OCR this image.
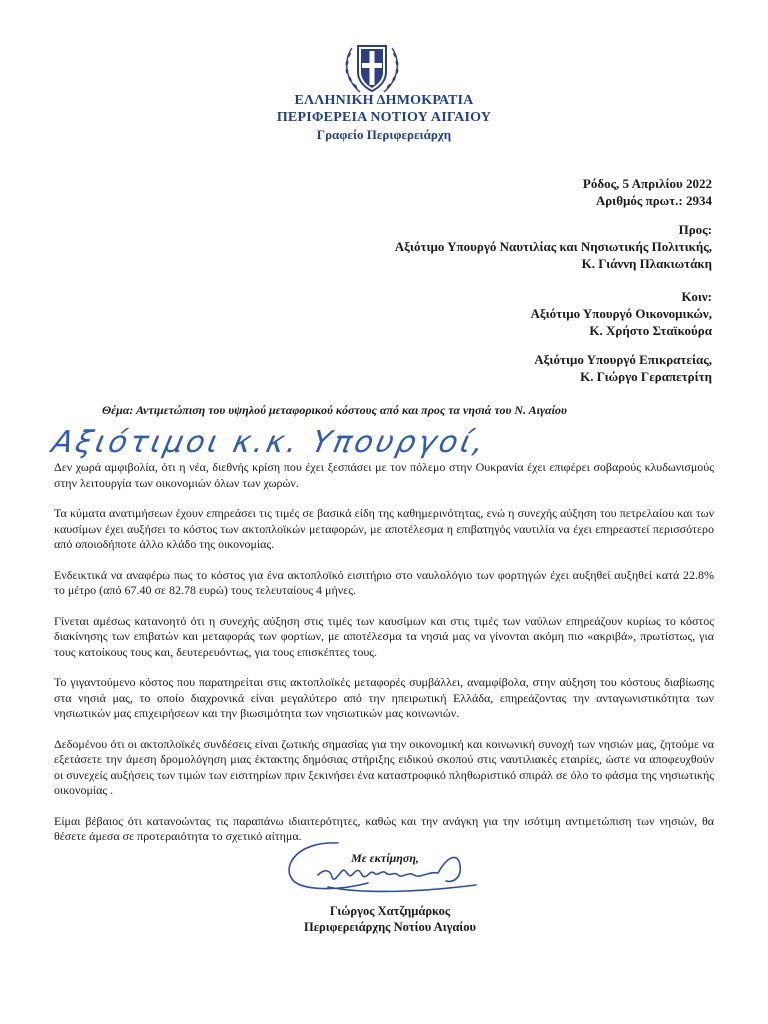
ΕΛΛΗΝΙΚΗ ΔΗΜΟΚΡΑΤΙΑ
ΠΕΡΙΦΕΡΕΙΑ ΝΟΤΙΟΥ ΑΙΓΑΙΟΥ
Γραφείο Περιφερειάρχη
Ρόδος, 5 Απριλίου 2022
Αριθμός πρωτ.: 2934
Προς:
Αξιότιμο Υπουργό Ναυτιλίας και Νησιωτικής Πολιτικής,
Κ. Γιάννη Πλακιωτάκη
Κοιν:
Αξιότιμο Υπουργό Οικονομικών,
Κ. Χρήστο Σταϊκούρα
Αξιότιμο Υπουργό Επικρατείας,
Κ. Γιώργο Γεραπετρίτη
Θέμα: Αντιμετώπιση του υψηλού μεταφορικού κόστους από και προς τα νησιά του Ν. Αιγαίου
Αξιότιμοι κ.κ. Υπουργοί,

Δεν χωρά αμφιβολία, ότι η νέα, διεθνής κρίση που έχει ξεσπάσει με τον πόλεμο στην Ουκρανία έχει επιφέρει σοβαρούς κλυδωνισμούς στην λειτουργία των οικονομιών όλων των χωρών.

Τα κύματα ανατιμήσεων έχουν επηρεάσει τις τιμές σε βασικά είδη της καθημερινότητας, ενώ η συνεχής αύξηση του πετρελαίου και των καυσίμων έχει αυξήσει το κόστος των ακτοπλοϊκών μεταφορών, με αποτέλεσμα η επιβατηγός ναυτιλία να έχει επηρεαστεί περισσότερο από οποιοδήποτε άλλο κλάδο της οικονομίας.

Ενδεικτικά να αναφέρω πως το κόστος για ένα ακτοπλοϊκό εισιτήριο στο ναυλολόγιο των φορτηγών έχει αυξηθεί αυξηθεί κατά 22.8% το μέτρο (από 67.40 σε 82.78 ευρώ) τους τελευταίους 4 μήνες.

Γίνεται αμέσως κατανοητό ότι η συνεχής αύξηση στις τιμές των καυσίμων και στις τιμές των ναύλων επηρεάζουν κυρίως το κόστος διακίνησης των επιβατών και μεταφοράς των φορτίων, με αποτέλεσμα τα νησιά μας να γίνονται ακόμη πιο «ακριβά», πρωτίστως, για τους κατοίκους τους και, δευτερευόντως, για τους επισκέπτες τους.

Το γιγαντούμενο κόστος που παρατηρείται στις ακτοπλοϊκές μεταφορές συμβάλλει, αναμφίβολα, στην αύξηση του κόστους διαβίωσης στα νησιά μας, το οποίο διαχρονικά είναι μεγαλύτερο από την ηπειρωτική Ελλάδα, επηρεάζοντας την ανταγωνιστικότητα των νησιωτικών μας επιχειρήσεων και την βιωσιμότητα των νησιωτικών μας κοινωνιών.

Δεδομένου ότι οι ακτοπλοϊκές συνδέσεις είναι ζωτικής σημασίας για την οικονομική και κοινωνική συνοχή των νησιών μας, ζητούμε να εξετάσετε την άμεση δρομολόγηση μιας έκτακτης δημόσιας στήριξης ειδικού σκοπού στις ναυτιλιακές εταιρίες, ώστε να αποφευχθούν οι συνεχείς αυξήσεις των τιμών των εισιτηρίων πριν ξεκινήσει ένα καταστροφικό πληθωριστικό σπιράλ σε όλο το φάσμα της νησιωτικής οικονομίας .

Είμαι βέβαιος ότι κατανοώντας τις παραπάνω ιδιαιτερότητες, καθώς και την ανάγκη για την ισότιμη αντιμετώπιση των νησιών, θα θέσετε άμεσα σε προτεραιότητα το σχετικό αίτημα.

Με εκτίμηση,
Γιώργος Χατζημάρκος
Περιφερειάρχης Νοτίου Αιγαίου
